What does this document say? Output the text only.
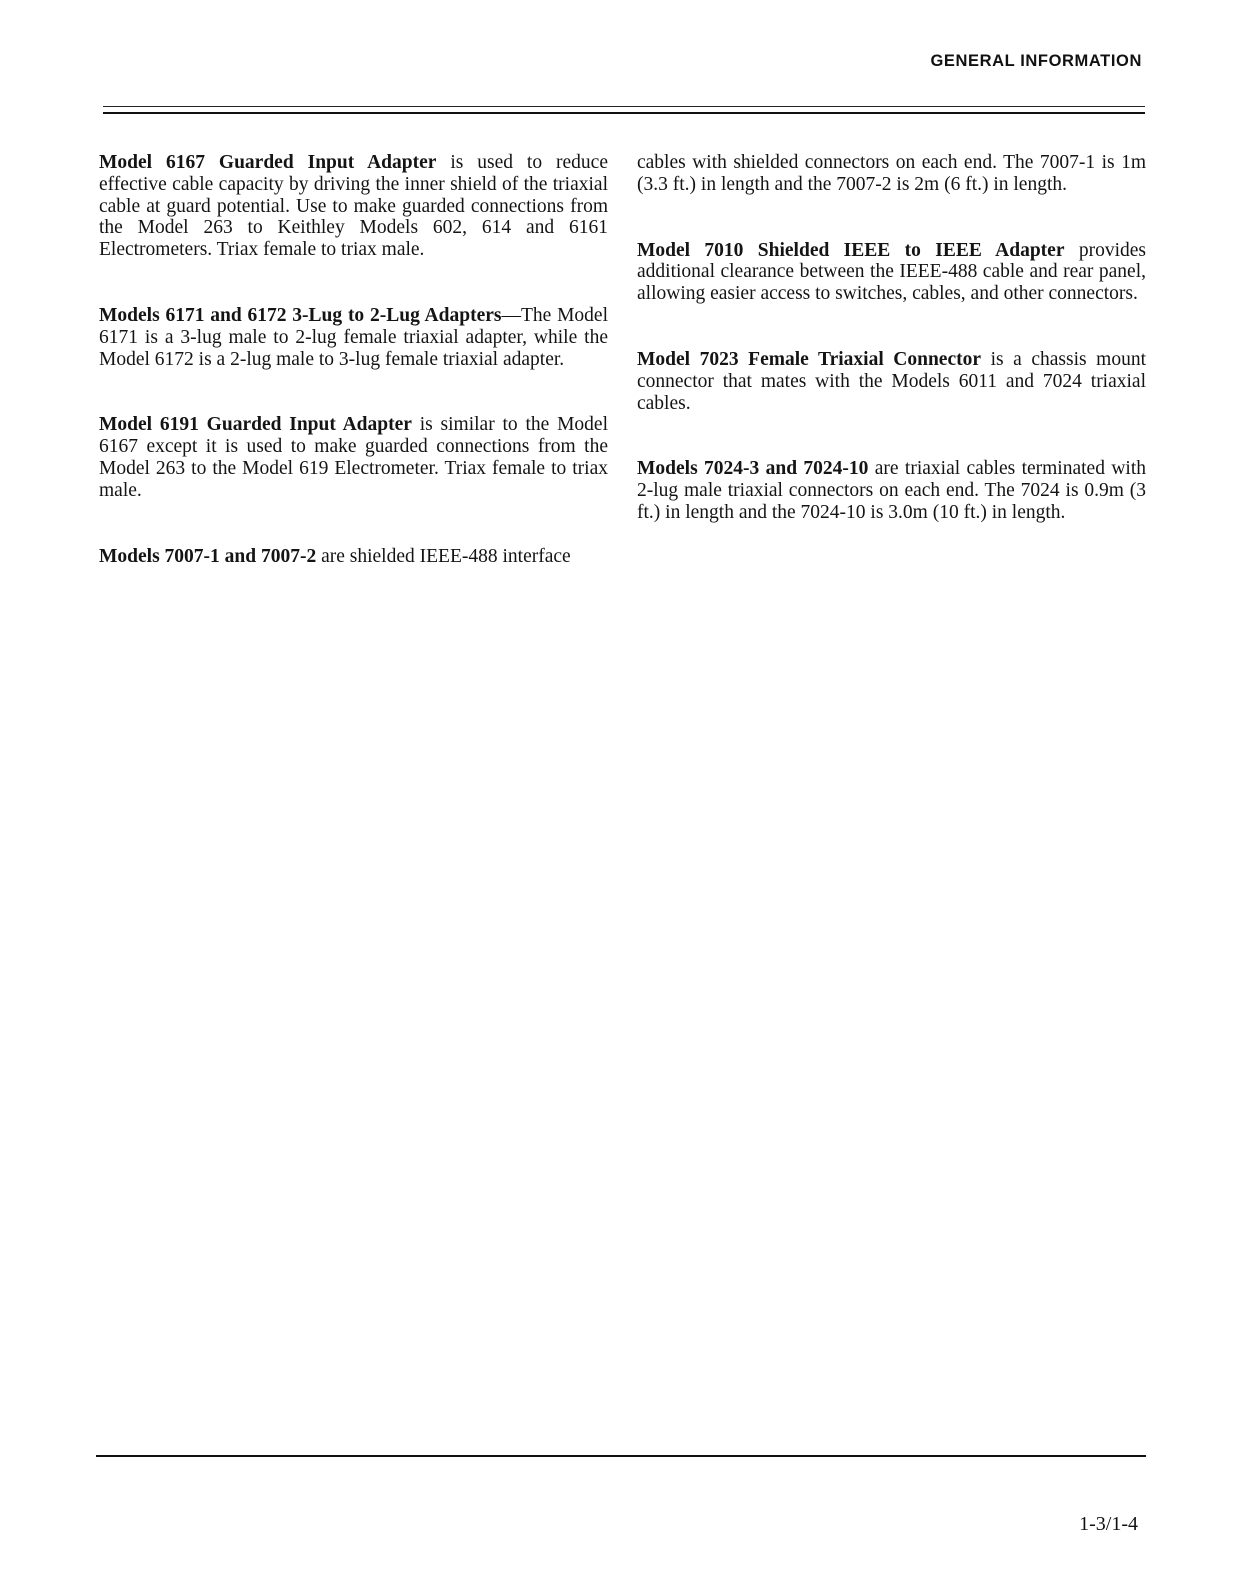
GENERAL INFORMATION

Model 6167 Guarded Input Adapter is used to reduce effective cable capacity by driving the inner shield of the triaxial cable at guard potential. Use to make guarded connections from the Model 263 to Keithley Models 602, 614 and 6161 Electrometers. Triax female to triax male.

Models 6171 and 6172 3-Lug to 2-Lug Adapters—The Model 6171 is a 3-lug male to 2-lug female triaxial adapter, while the Model 6172 is a 2-lug male to 3-lug female triaxial adapter.

Model 6191 Guarded Input Adapter is similar to the Model 6167 except it is used to make guarded connections from the Model 263 to the Model 619 Electrometer. Triax female to triax male.

Models 7007-1 and 7007-2 are shielded IEEE-488 interface

cables with shielded connectors on each end. The 7007-1 is 1m (3.3 ft.) in length and the 7007-2 is 2m (6 ft.) in length.

Model 7010 Shielded IEEE to IEEE Adapter provides additional clearance between the IEEE-488 cable and rear panel, allowing easier access to switches, cables, and other connectors.

Model 7023 Female Triaxial Connector is a chassis mount connector that mates with the Models 6011 and 7024 triaxial cables.

Models 7024-3 and 7024-10 are triaxial cables terminated with 2-lug male triaxial connectors on each end. The 7024 is 0.9m (3 ft.) in length and the 7024-10 is 3.0m (10 ft.) in length.

1-3/1-4
